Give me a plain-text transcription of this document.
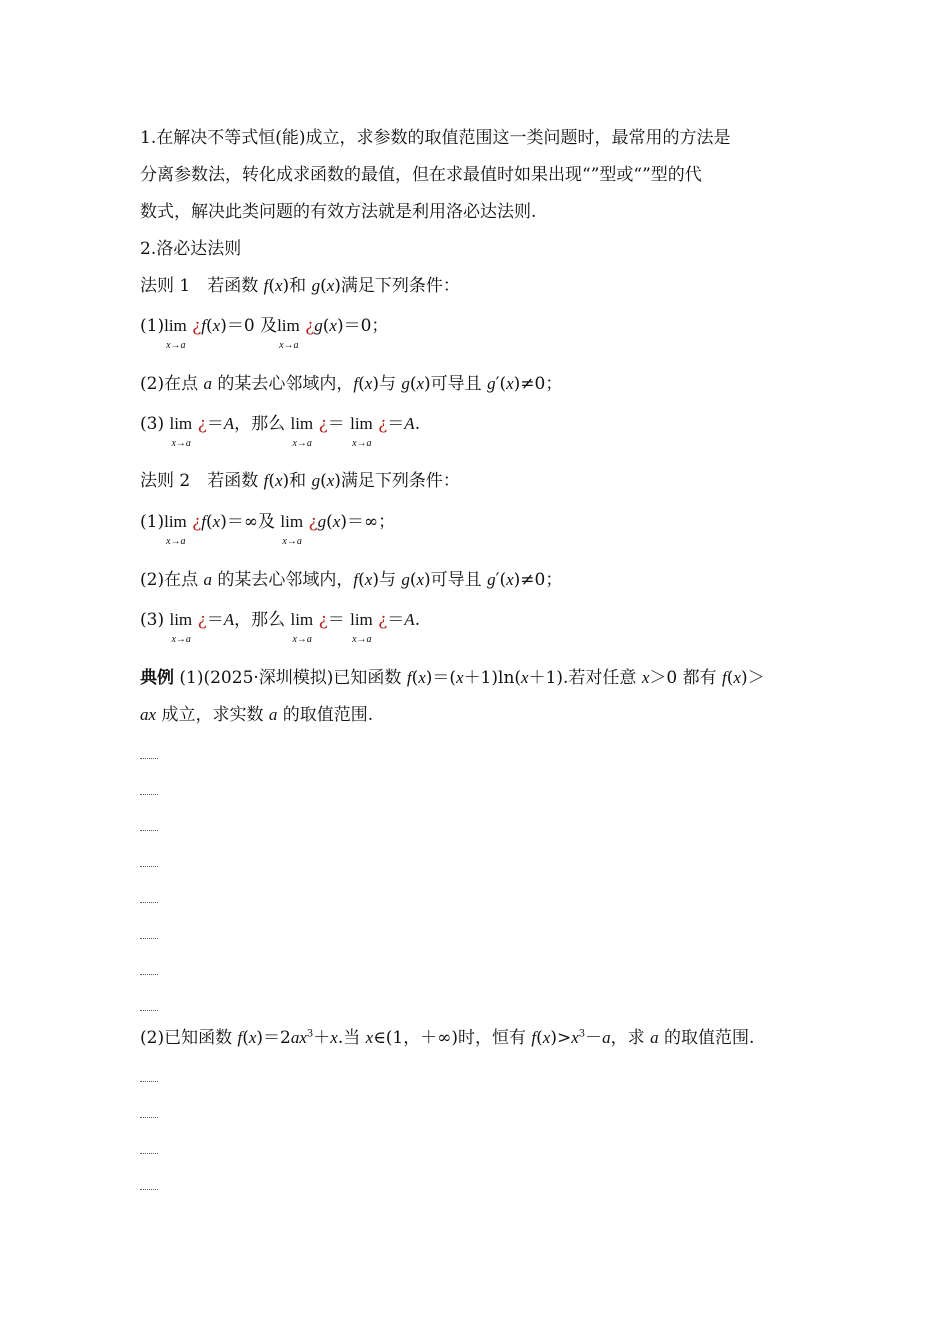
1.在解决不等式恒(能)成立，求参数的取值范围这一类问题时，最常用的方法是
分离参数法，转化成求函数的最值，但在求最值时如果出现“”型或“”型的代
数式，解决此类问题的有效方法就是利用洛必达法则.
2.洛必达法则
法则 1　若函数 f(x)和 g(x)满足下列条件：
(1)lim
x→a
¿f(x)＝0 及lim
x→a
¿g(x)＝0；
(2)在点 a 的某去心邻域内，f(x)与 g(x)可导且 g′(x)≠0；
(3) lim
x→a
¿＝A，那么 lim
x→a
¿＝ lim
x→a
¿＝A.
法则 2　若函数 f(x)和 g(x)满足下列条件：
(1)lim
x→a
¿f(x)＝∞及 lim
x→a
¿g(x)＝∞；
(2)在点 a 的某去心邻域内，f(x)与 g(x)可导且 g′(x)≠0；
(3) lim
x→a
¿＝A，那么 lim
x→a
¿＝ lim
x→a
¿＝A.
典例 (1)(2025·深圳模拟)已知函数 f(x)＝(x＋1)ln(x＋1).若对任意 x＞0 都有 f(x)＞
ax 成立，求实数 a 的取值范围.
(2)已知函数 $f(x)=2ax^3+x$.当 x∈(1，＋∞)时，恒有 $f(x)>x^3-a$，求 a 的取值范围.
